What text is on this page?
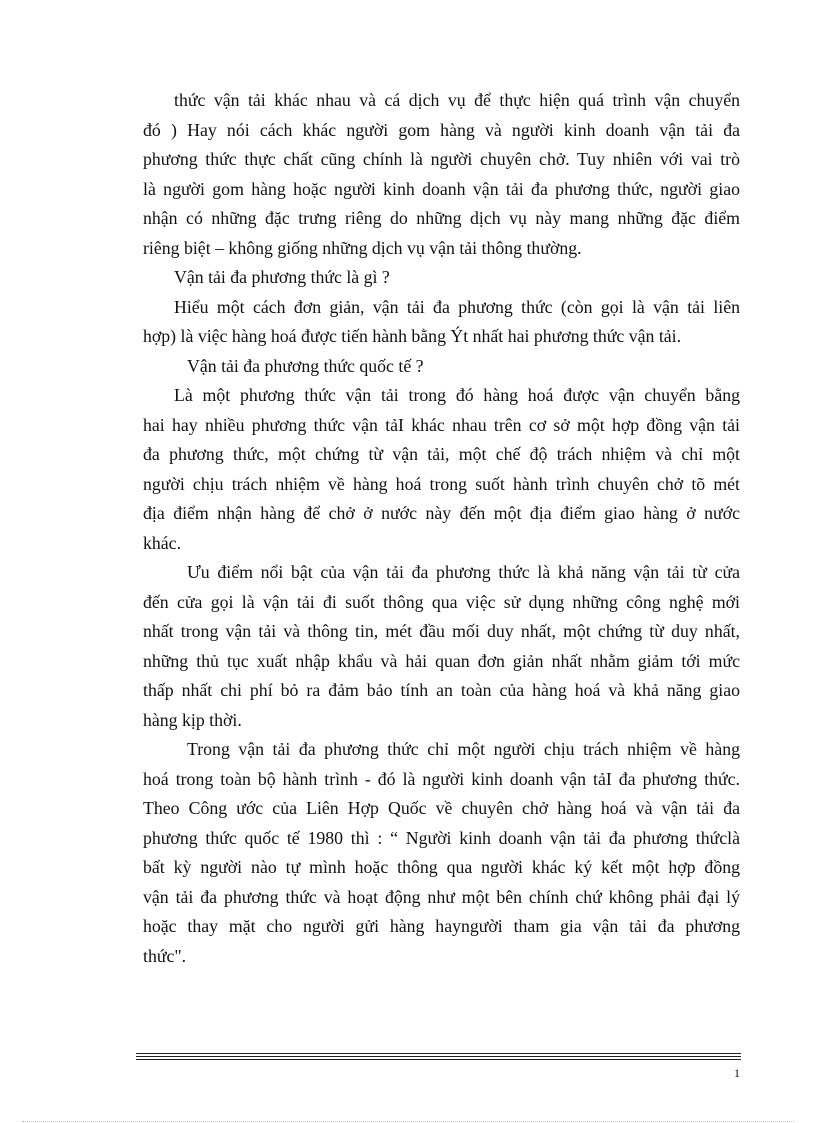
thức vận tải khác nhau và cá dịch vụ để thực hiện quá trình vận chuyển
đó ) Hay nói cách khác người gom hàng và người kinh doanh vận tải đa
phương thức thực chất cũng chính là người chuyên chở. Tuy nhiên với vai trò
là người gom hàng hoặc người kinh doanh vận tải đa phương thức, người giao
nhận có những đặc trưng riêng do những dịch vụ này mang những đặc điểm
riêng biệt – không giống những dịch vụ vận tải thông thường.
Vận tải đa phương thức là gì ?
Hiểu một cách đơn giản, vận tải đa phương thức (còn gọi là vận tải liên
hợp) là việc hàng hoá được tiến hành bằng Ýt nhất hai phương thức vận tải.
Vận tải đa phương thức quốc tế ?
Là một phương thức vận tải trong đó hàng hoá được vận chuyển bằng
hai hay nhiều phương thức vận tảI khác nhau trên cơ sở một hợp đồng vận tải
đa phương thức, một chứng từ vận tải, một chế độ trách nhiệm và chỉ một
người chịu trách nhiệm về hàng hoá trong suốt hành trình chuyên chở tõ mét
địa điểm nhận hàng để chở ở nước này đến một địa điểm giao hàng ở nước
khác.
Ưu điểm nổi bật của vận tải đa phương thức là khả năng vận tải từ cửa
đến cửa gọi là vận tải đi suốt thông qua việc sử dụng những công nghệ mới
nhất trong vận tải và thông tin, mét đầu mối duy nhất, một chứng từ duy nhất,
những thủ tục xuất nhập khẩu và hải quan đơn giản nhất nhằm giảm tới mức
thấp nhất chi phí bỏ ra đảm bảo tính an toàn của hàng hoá và khả năng giao
hàng kịp thời.
Trong vận tải đa phương thức chỉ một người chịu trách nhiệm về hàng
hoá trong toàn bộ hành trình - đó là người kinh doanh vận tảI đa phương thức.
Theo Công ước của Liên Hợp Quốc về chuyên chở hàng hoá và vận tải đa
phương thức quốc tế 1980 thì : “ Người kinh doanh vận tải đa phương thứclà
bất kỳ người nào tự mình hoặc thông qua người khác ký kết một hợp đồng
vận tải đa phương thức và hoạt động như một bên chính chứ không phải đại lý
hoặc thay mặt cho người gửi hàng hayngười tham gia vận tải đa phương
thức".
1
